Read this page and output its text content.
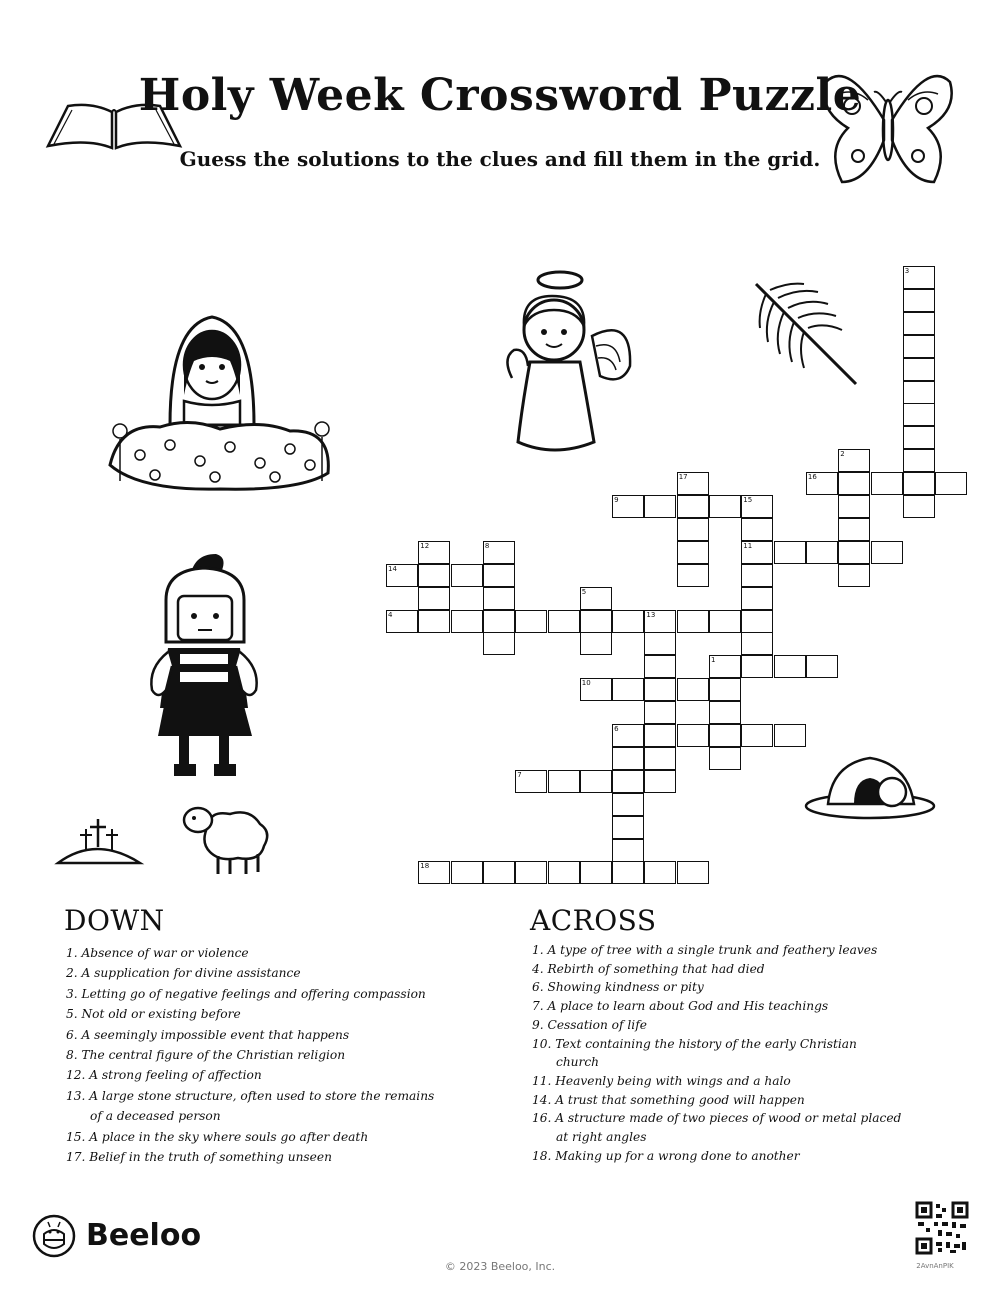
Holy Week Crossword Puzzle
Guess the solutions to the clues and fill them in the grid.
3
2
17	16
9	15
12	8	11
14
5
4	13
1
10
6
7
18
DOWN
1. Absence of war or violence
2. A supplication for divine assistance
3. Letting go of negative feelings and offering compassion
5. Not old or existing before
6. A seemingly impossible event that happens
8. The central figure of the Christian religion
12. A strong feeling of affection
13. A large stone structure, often used to store the remains
of a deceased person
15. A place in the sky where souls go after death
17. Belief in the truth of something unseen
ACROSS
1. A type of tree with a single trunk and feathery leaves
4. Rebirth of something that had died
6. Showing kindness or pity
7. A place to learn about God and His teachings
9. Cessation of life
10. Text containing the history of the early Christian
church
11. Heavenly being with wings and a halo
14. A trust that something good will happen
16. A structure made of two pieces of wood or metal placed
at right angles
18. Making up for a wrong done to another
Beeloo
© 2023 Beeloo, Inc.	2AvnAnPIK
